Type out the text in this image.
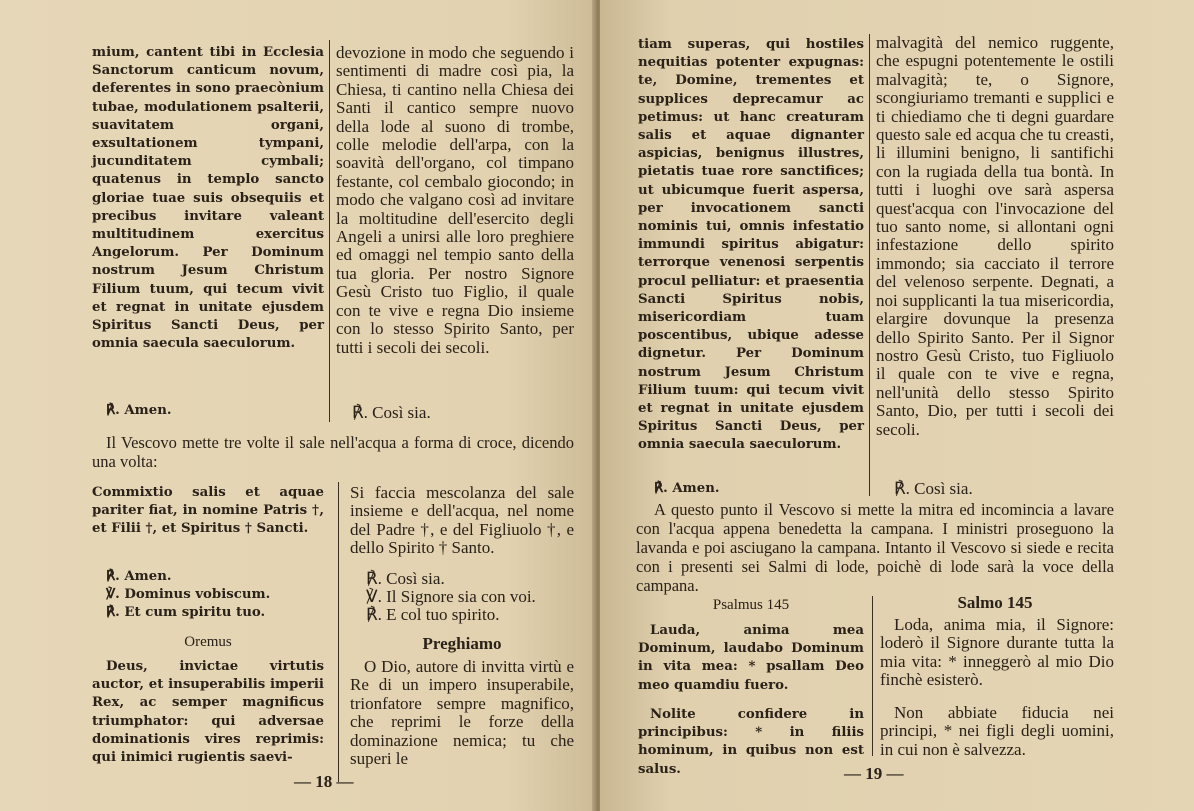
mium, cantent tibi in Ecclesia Sanctorum canticum novum, deferentes in sono praecònium tubae, modulationem psalterii, suavitatem organi, exsultationem tympani, jucunditatem cymbali; quatenus in templo sancto gloriae tuae suis obsequiis et precibus invitare valeant multitudinem exercitus Angelorum. Per Dominum nostrum Jesum Christum Filium tuum, qui tecum vivit et regnat in unitate ejusdem Spiritus Sancti Deus, per omnia saecula saeculorum.
℟. Amen.
devozione in modo che seguendo i sentimenti di madre così pia, la Chiesa, ti cantino nella Chiesa dei Santi il cantico sempre nuovo della lode al suono di trombe, colle melodie dell'arpa, con la soavità dell'organo, col timpano festante, col cembalo giocondo; in modo che valgano così ad invitare la moltitudine dell'esercito degli Angeli a unirsi alle loro preghiere ed omaggi nel tempio santo della tua gloria. Per nostro Signore Gesù Cristo tuo Figlio, il quale con te vive e regna Dio insieme con lo stesso Spirito Santo, per tutti i secoli dei secoli.
℟. Così sia.
Il Vescovo mette tre volte il sale nell'acqua a forma di croce, dicendo una volta:
Commixtio salis et aquae pariter fiat, in nomine Patris †, et Filii †, et Spiritus † Sancti.
℟. Amen.
℣. Dominus vobiscum.
℟. Et cum spiritu tuo.
Si faccia mescolanza del sale insieme e dell'acqua, nel nome del Padre †, e del Figliuolo †, e dello Spirito † Santo.
℟. Così sia.
℣. Il Signore sia con voi.
℟. E col tuo spirito.
Oremus	Preghiamo
Deus, invictae virtutis auctor, et insuperabilis imperii Rex, ac semper magnificus triumphator: qui adversae dominationis vires reprimis: qui inimici rugientis saevi-
O Dio, autore di invitta virtù e Re di un impero insuperabile, trionfatore sempre magnifico, che reprimi le forze della dominazione nemica; tu che superi le
— 18 —
tiam superas, qui hostiles nequitias potenter expugnas: te, Domine, trementes et supplices deprecamur ac petimus: ut hanc creaturam salis et aquae dignanter aspicias, benignus illustres, pietatis tuae rore sanctifices; ut ubicumque fuerit aspersa, per invocationem sancti nominis tui, omnis infestatio immundi spiritus abigatur: terrorque venenosi serpentis procul pelliatur: et praesentia Sancti Spiritus nobis, misericordiam tuam poscentibus, ubique adesse dignetur. Per Dominum nostrum Jesum Christum Filium tuum: qui tecum vivit et regnat in unitate ejusdem Spiritus Sancti Deus, per omnia saecula saeculorum.
℟. Amen.
malvagità del nemico ruggente, che espugni potentemente le ostili malvagità; te, o Signore, scongiuriamo tremanti e supplici e ti chiediamo che ti degni guardare questo sale ed acqua che tu creasti, li illumini benigno, li santifichi con la rugiada della tua bontà. In tutti i luoghi ove sarà aspersa quest'acqua con l'invocazione del tuo santo nome, si allontani ogni infestazione dello spirito immondo; sia cacciato il terrore del velenoso serpente. Degnati, a noi supplicanti la tua misericordia, elargire dovunque la presenza dello Spirito Santo. Per il Signor nostro Gesù Cristo, tuo Figliuolo il quale con te vive e regna, nell'unità dello stesso Spirito Santo, Dio, per tutti i secoli dei secoli.
℟. Così sia.
A questo punto il Vescovo si mette la mitra ed incomincia a lavare con l'acqua appena benedetta la campana. I ministri proseguono la lavanda e poi asciugano la campana. Intanto il Vescovo si siede e recita con i presenti sei Salmi di lode, poichè di lode sarà la voce della campana.
Psalmus 145	Salmo 145
Lauda, anima mea Dominum, laudabo Dominum in vita mea: * psallam Deo meo quamdiu fuero.
Nolite confidere in principibus: * in filiis hominum, in quibus non est salus.
Loda, anima mia, il Signore: loderò il Signore durante tutta la mia vita: * inneggerò al mio Dio finchè esisterò.
Non abbiate fiducia nei principi, * nei figli degli uomini, in cui non è salvezza.
— 19 —
